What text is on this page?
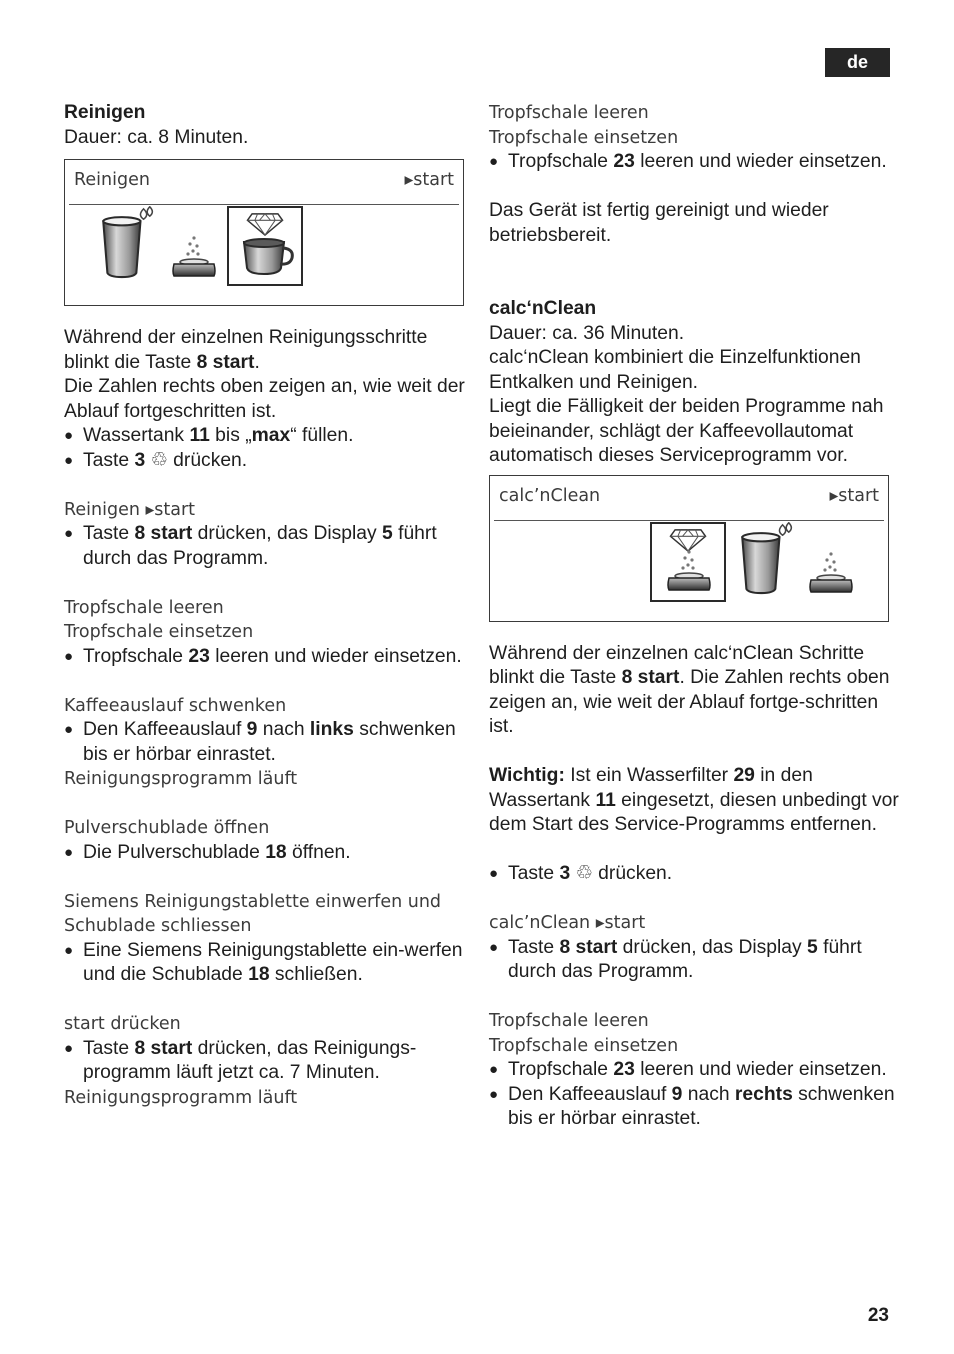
de

Reinigen

Dauer: ca. 8 Minuten.

Reinigen	▸start

Während der einzelnen Reinigungsschritte blinkt die Taste 8 start.

Die Zahlen rechts oben zeigen an, wie weit der Ablauf fortgeschritten ist.

● Wassertank 11 bis „max“ füllen.
● Taste 3 ♲ drücken.

Reinigen ▸start

● Taste 8 start drücken, das Display 5 führt durch das Programm.

Tropfschale leeren

Tropfschale einsetzen

● Tropfschale 23 leeren und wieder einsetzen.

Kaffeeauslauf schwenken

● Den Kaffeeauslauf 9 nach links schwenken bis er hörbar einrastet.

Reinigungsprogramm läuft

Pulverschublade öffnen

● Die Pulverschublade 18 öffnen.

Siemens Reinigungstablette einwerfen und Schublade schliessen

● Eine Siemens Reinigungstablette ein-werfen und die Schublade 18 schließen.

start drücken

● Taste 8 start drücken, das Reinigungs-programm läuft jetzt ca. 7 Minuten.

Reinigungsprogramm läuft

Tropfschale leeren

Tropfschale einsetzen

● Tropfschale 23 leeren und wieder einsetzen.

Das Gerät ist fertig gereinigt und wieder betriebsbereit.

calc‘nClean

Dauer: ca. 36 Minuten.

calc‘nClean kombiniert die Einzelfunktionen Entkalken und Reinigen.

Liegt die Fälligkeit der beiden Programme nah beieinander, schlägt der Kaffeevollautomat automatisch dieses Serviceprogramm vor.

calc’nClean	▸start

Während der einzelnen calc‘nClean Schritte blinkt die Taste 8 start. Die Zahlen rechts oben zeigen an, wie weit der Ablauf fortge-schritten ist.

Wichtig: Ist ein Wasserfilter 29 in den Wassertank 11 eingesetzt, diesen unbedingt vor dem Start des Service-Programms entfernen.

● Taste 3 ♲ drücken.

calc’nClean ▸start

● Taste 8 start drücken, das Display 5 führt durch das Programm.

Tropfschale leeren

Tropfschale einsetzen

● Tropfschale 23 leeren und wieder einsetzen.
● Den Kaffeeauslauf 9 nach rechts schwenken bis er hörbar einrastet.
23
